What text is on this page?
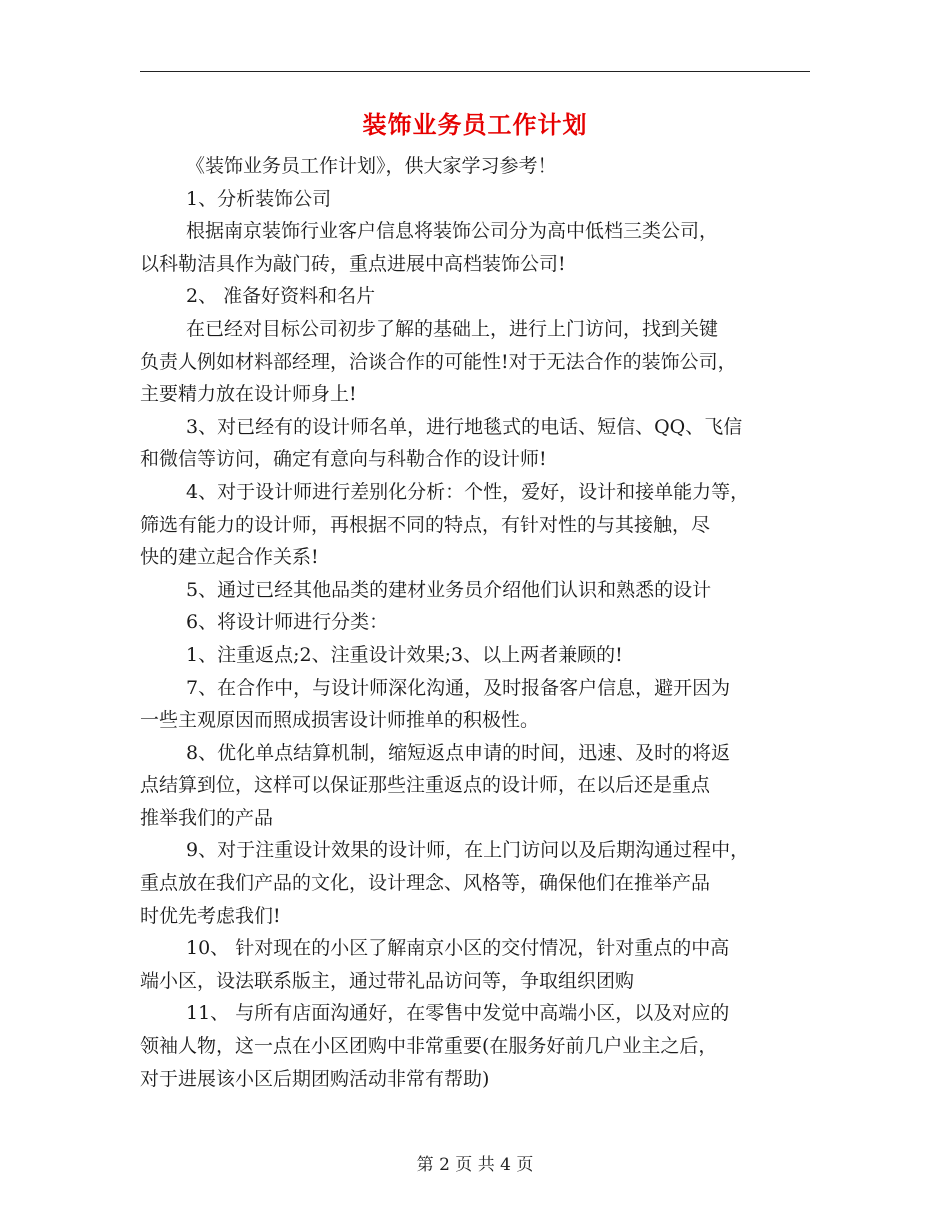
装饰业务员工作计划
《装饰业务员工作计划》，供大家学习参考！
1、分析装饰公司
根据南京装饰行业客户信息将装饰公司分为高中低档三类公司，
以科勒洁具作为敲门砖，重点进展中高档装饰公司!
2、 准备好资料和名片
在已经对目标公司初步了解的基础上，进行上门访问，找到关键
负责人例如材料部经理，洽谈合作的可能性!对于无法合作的装饰公司，
主要精力放在设计师身上!
3、对已经有的设计师名单，进行地毯式的电话、短信、QQ、飞信
和微信等访问，确定有意向与科勒合作的设计师!
4、对于设计师进行差别化分析：个性，爱好，设计和接单能力等，
筛选有能力的设计师，再根据不同的特点，有针对性的与其接触，尽
快的建立起合作关系!
5、通过已经其他品类的建材业务员介绍他们认识和熟悉的设计
6、将设计师进行分类：
1、注重返点;2、注重设计效果;3、以上两者兼顾的!
7、在合作中，与设计师深化沟通，及时报备客户信息，避开因为
一些主观原因而照成损害设计师推单的积极性。
8、优化单点结算机制，缩短返点申请的时间，迅速、及时的将返
点结算到位，这样可以保证那些注重返点的设计师，在以后还是重点
推举我们的产品
9、对于注重设计效果的设计师，在上门访问以及后期沟通过程中，
重点放在我们产品的文化，设计理念、风格等，确保他们在推举产品
时优先考虑我们!
10、 针对现在的小区了解南京小区的交付情况，针对重点的中高
端小区，设法联系版主，通过带礼品访问等，争取组织团购
11、 与所有店面沟通好，在零售中发觉中高端小区，以及对应的
领袖人物，这一点在小区团购中非常重要(在服务好前几户业主之后，
对于进展该小区后期团购活动非常有帮助)
第 2 页 共 4 页
